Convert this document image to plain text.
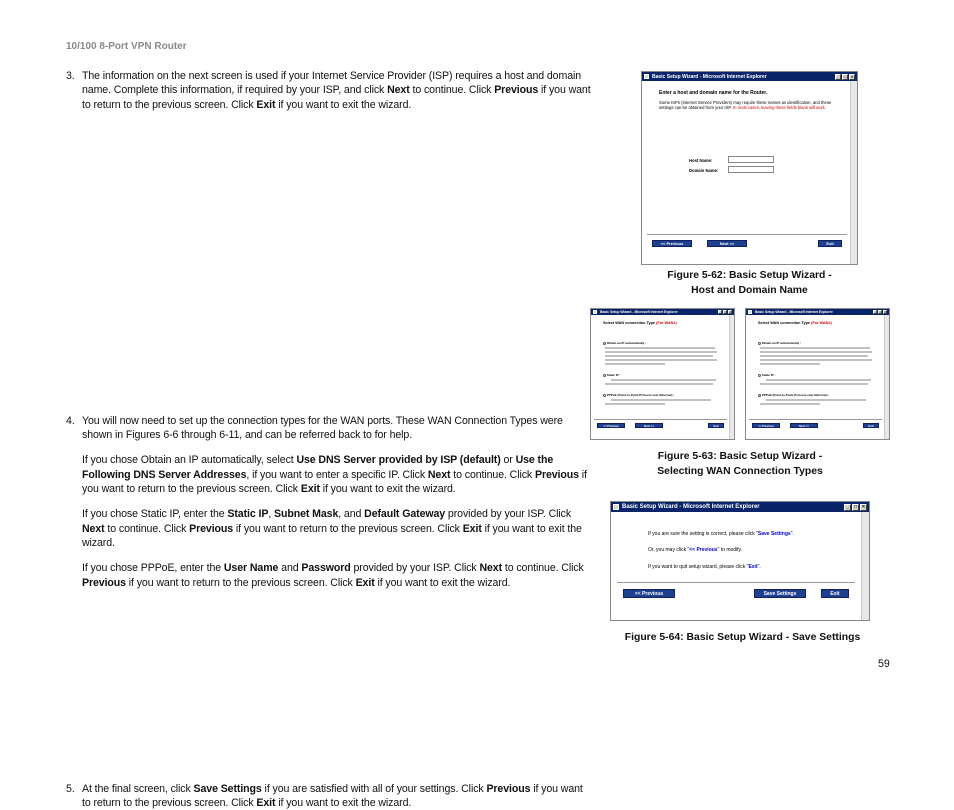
10/100 8-Port VPN Router
3. The information on the next screen is used if your Internet Service Provider (ISP) requires a host and domain name. Complete this information, if required by your ISP, and click Next to continue. Click Previous if you want to return to the previous screen. Click Exit if you want to exit the wizard.
4. You will now need to set up the connection types for the WAN ports. These WAN Connection Types were shown in Figures 6-6 through 6-11, and can be referred back to for help.
If you chose Obtain an IP automatically, select Use DNS Server provided by ISP (default) or Use the Following DNS Server Addresses, if you want to enter a specific IP. Click Next to continue. Click Previous if you want to return to the previous screen. Click Exit if you want to exit the wizard.
If you chose Static IP, enter the Static IP, Subnet Mask, and Default Gateway provided by your ISP. Click Next to continue. Click Previous if you want to return to the previous screen. Click Exit if you want to exit the wizard.
If you chose PPPoE, enter the User Name and Password provided by your ISP. Click Next to continue. Click Previous if you want to return to the previous screen. Click Exit if you want to exit the wizard.
5. At the final screen, click Save Settings if you are satisfied with all of your settings. Click Previous if you want to return to the previous screen. Click Exit if you want to exit the wizard.
Basic Setup Wizard - Microsoft Internet Explorer	_	□	×
Enter a host and domain name for the Router.
Some ISPs (Internet Service Providers) may require these names as identification, and these settings can be obtained from your ISP. In most cases, leaving these fields blank will work.
Host Name:
Domain Name:
<< Previous	Next >>	Exit
Figure 5-62: Basic Setup Wizard -
Host and Domain Name
Basic Setup Wizard - Microsoft Internet Explorer	_	□	×
Select WAN connection Type (For WAN1)
Obtain an IP automatically :
Static IP :
PPPoE (Point-to-Point Protocol over Ethernet) :
<< Previous	Next >>	Exit
Basic Setup Wizard - Microsoft Internet Explorer	_	□	×
Select WAN connection Type (For WAN2)
Obtain an IP automatically :
Static IP :
PPPoE (Point-to-Point Protocol over Ethernet) :
<< Previous	Next >>	Exit
Figure 5-63: Basic Setup Wizard -
Selecting WAN Connection Types
Basic Setup Wizard - Microsoft Internet Explorer	_	□	×
If you are sure the setting is correct, please click "Save Settings".
Or, you may click "<< Previous" to modify.
If you want to quit setup wizard, please click "Exit".
<< Previous	Save Settings	Exit
Figure 5-64: Basic Setup Wizard - Save Settings
59
